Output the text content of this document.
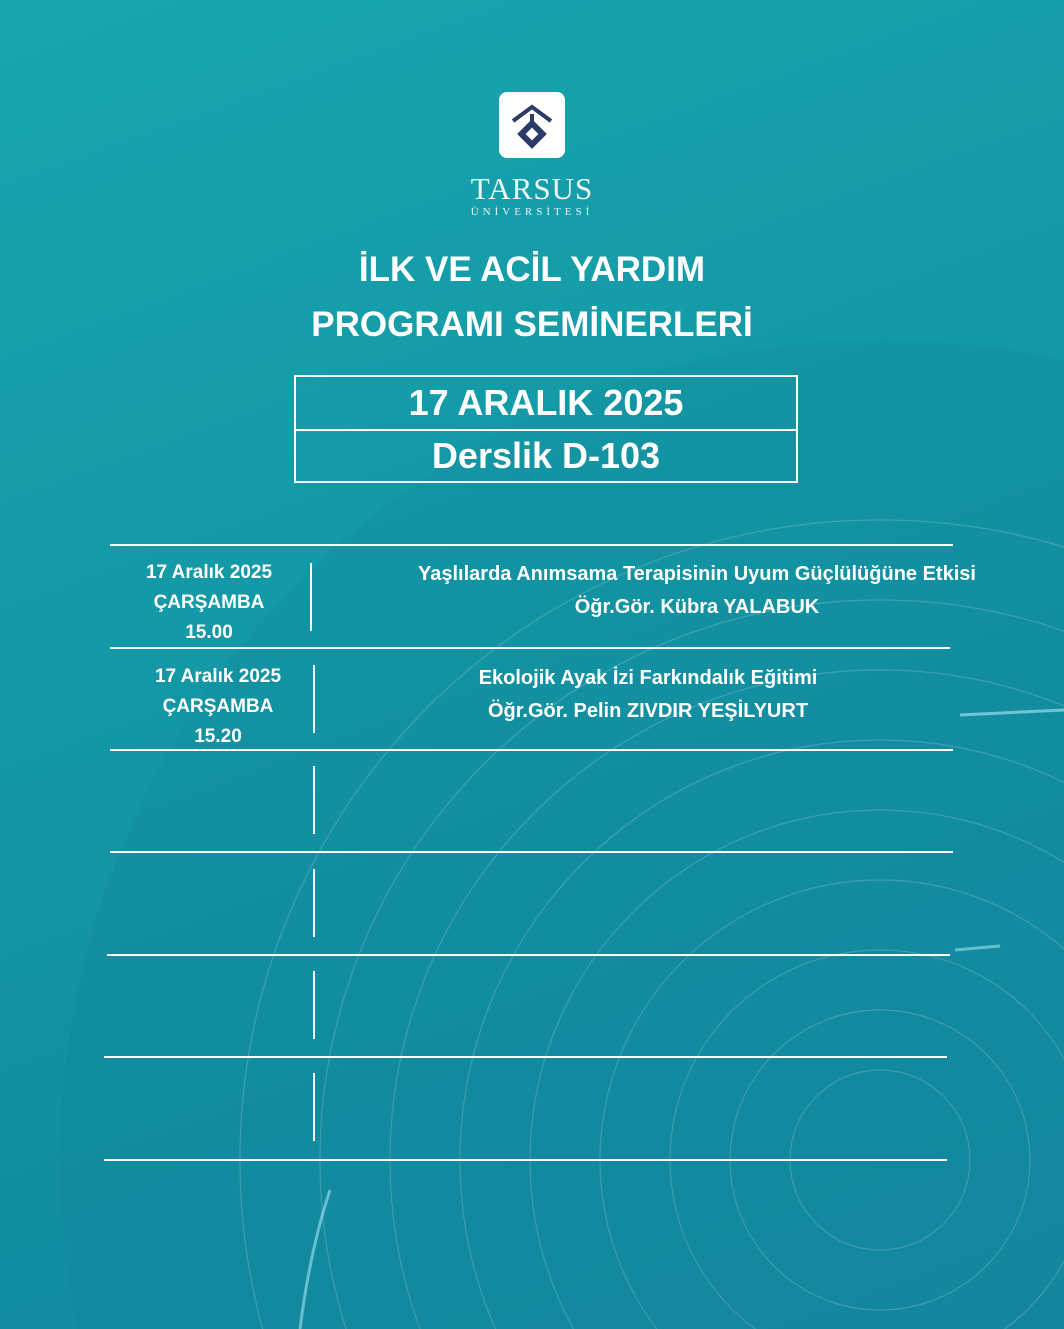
TARSUS
ÜNİVERSİTESİ
İLK VE ACİL YARDIM
PROGRAMI SEMİNERLERİ
17 ARALIK 2025
Derslik D-103
17 Aralık 2025
ÇARŞAMBA
15.00
Yaşlılarda Anımsama Terapisinin Uyum Güçlülüğüne Etkisi
Öğr.Gör. Kübra YALABUK
17 Aralık 2025
ÇARŞAMBA
15.20
Ekolojik Ayak İzi Farkındalık Eğitimi
Öğr.Gör. Pelin ZIVDIR YEŞİLYURT
